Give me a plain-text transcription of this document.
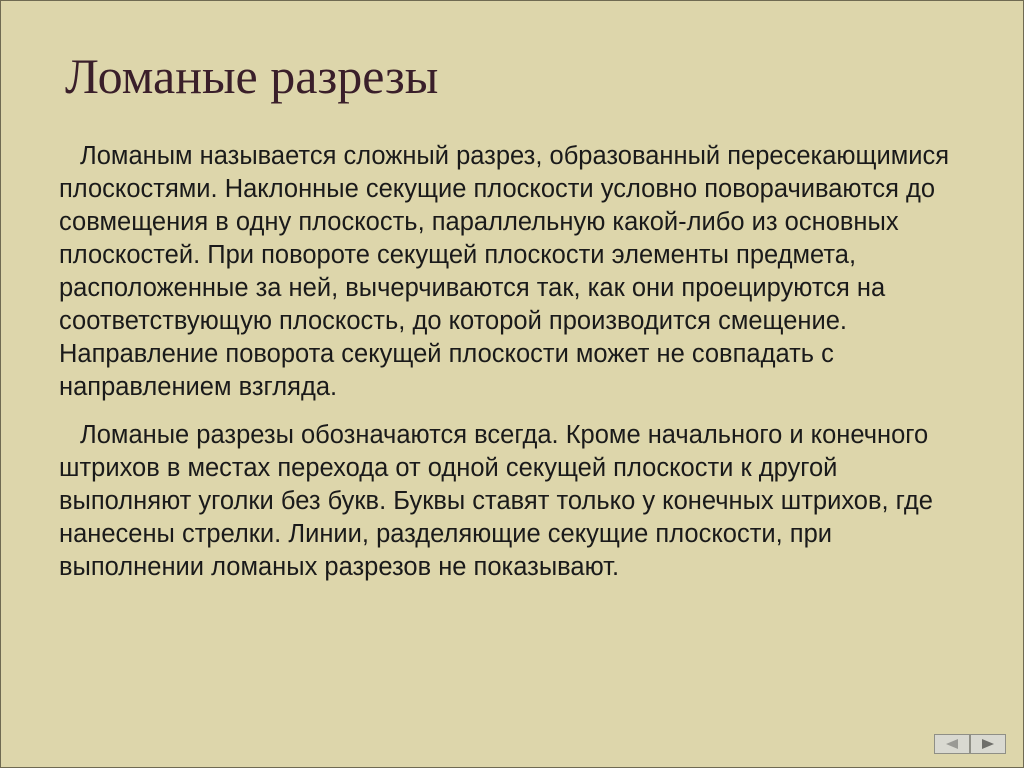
Ломаные разрезы

Ломаным называется сложный разрез, образованный пересекающимися плоскостями. Наклонные секущие плоскости условно поворачиваются до совмещения в одну плоскость, параллельную какой-либо из основных плоскостей. При повороте секущей плоскости элементы предмета, расположенные за ней, вычерчиваются так, как они проецируются на соответствующую плоскость, до которой производится смещение. Направление поворота секущей плоскости может не совпадать с направлением взгляда.

Ломаные разрезы обозначаются всегда. Кроме начального и конечного штрихов в местах перехода от одной секущей плоскости к другой выполняют уголки без букв. Буквы ставят только у конечных штрихов, где нанесены стрелки. Линии, разделяющие секущие плоскости, при выполнении ломаных разрезов не показывают.
